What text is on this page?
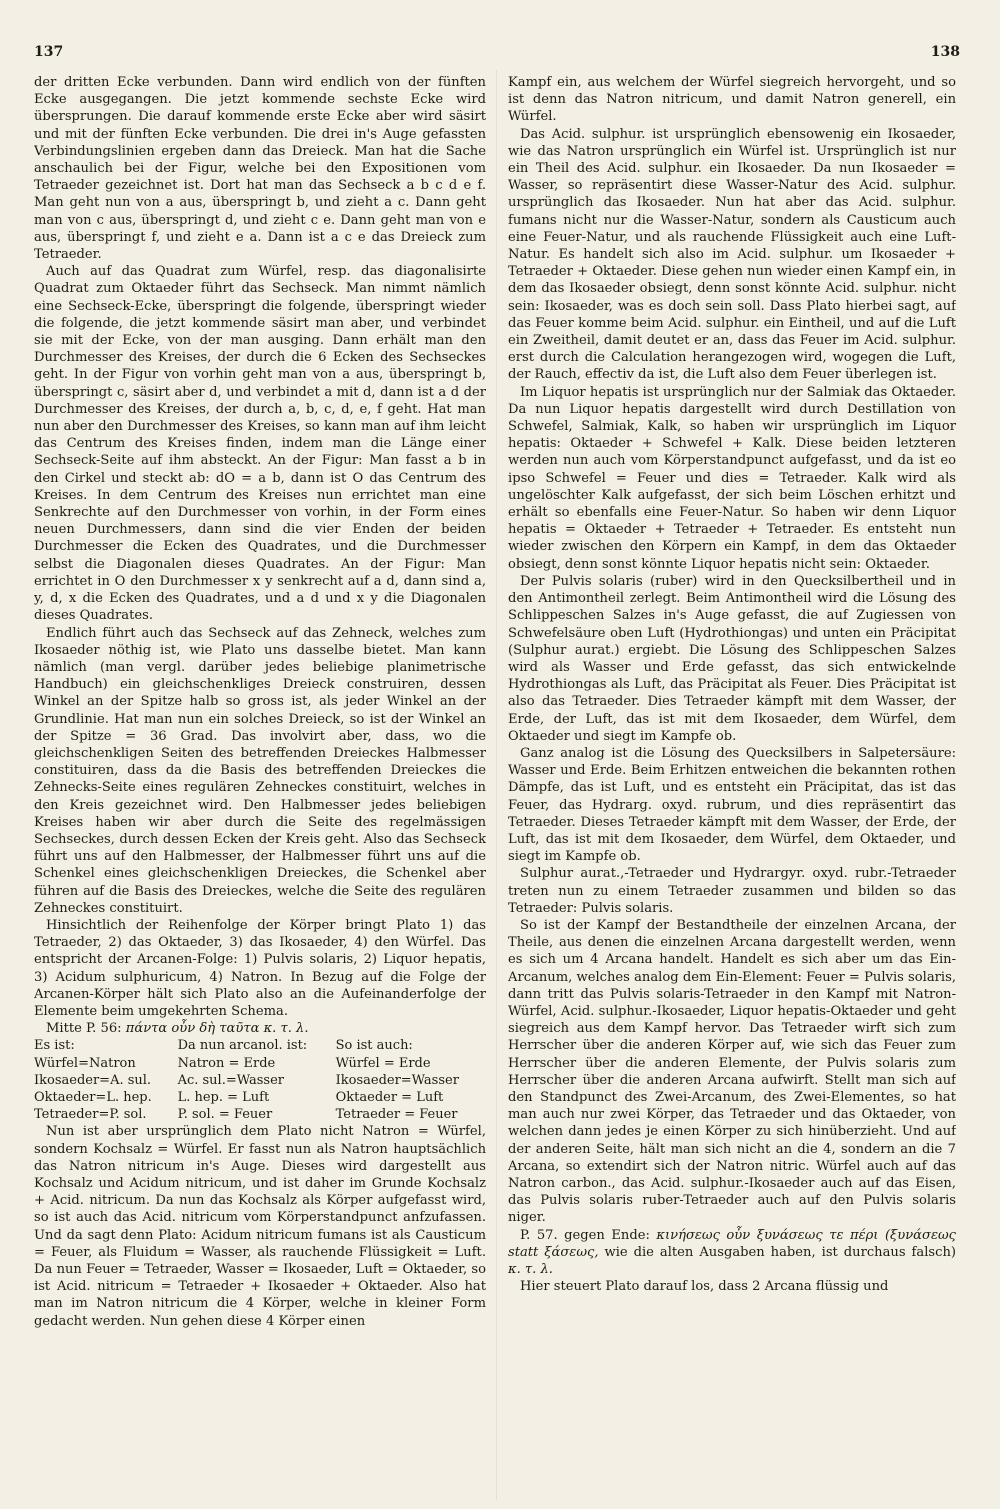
137	138

der dritten Ecke verbunden. Dann wird endlich von der fünften Ecke ausgegangen. Die jetzt kommende sechste Ecke wird übersprungen. Die darauf kommende erste Ecke aber wird säsirt und mit der fünften Ecke verbunden. Die drei in's Auge gefassten Verbindungslinien ergeben dann das Dreieck. Man hat die Sache anschaulich bei der Figur, welche bei den Expositionen vom Tetraeder gezeichnet ist. Dort hat man das Sechseck a b c d e f. Man geht nun von a aus, überspringt b, und zieht a c. Dann geht man von c aus, überspringt d, und zieht c e. Dann geht man von e aus, überspringt f, und zieht e a. Dann ist a c e das Dreieck zum Tetraeder.

Auch auf das Quadrat zum Würfel, resp. das diagonalisirte Quadrat zum Oktaeder führt das Sechseck. Man nimmt nämlich eine Sechseck-Ecke, überspringt die folgende, überspringt wieder die folgende, die jetzt kommende säsirt man aber, und verbindet sie mit der Ecke, von der man ausging. Dann erhält man den Durchmesser des Kreises, der durch die 6 Ecken des Sechseckes geht. In der Figur von vorhin geht man von a aus, überspringt b, überspringt c, säsirt aber d, und verbindet a mit d, dann ist a d der Durchmesser des Kreises, der durch a, b, c, d, e, f geht. Hat man nun aber den Durchmesser des Kreises, so kann man auf ihm leicht das Centrum des Kreises finden, indem man die Länge einer Sechseck-Seite auf ihm absteckt. An der Figur: Man fasst a b in den Cirkel und steckt ab: dO = a b, dann ist O das Centrum des Kreises. In dem Centrum des Kreises nun errichtet man eine Senkrechte auf den Durchmesser von vorhin, in der Form eines neuen Durchmessers, dann sind die vier Enden der beiden Durchmesser die Ecken des Quadrates, und die Durchmesser selbst die Diagonalen dieses Quadrates. An der Figur: Man errichtet in O den Durchmesser x y senkrecht auf a d, dann sind a, y, d, x die Ecken des Quadrates, und a d und x y die Diagonalen dieses Quadrates.

Endlich führt auch das Sechseck auf das Zehneck, welches zum Ikosaeder nöthig ist, wie Plato uns dasselbe bietet. Man kann nämlich (man vergl. darüber jedes beliebige planimetrische Handbuch) ein gleichschenkliges Dreieck construiren, dessen Winkel an der Spitze halb so gross ist, als jeder Winkel an der Grundlinie. Hat man nun ein solches Dreieck, so ist der Winkel an der Spitze = 36 Grad. Das involvirt aber, dass, wo die gleichschenkligen Seiten des betreffenden Dreieckes Halbmesser constituiren, dass da die Basis des betreffenden Dreieckes die Zehnecks-Seite eines regulären Zehneckes constituirt, welches in den Kreis gezeichnet wird. Den Halbmesser jedes beliebigen Kreises haben wir aber durch die Seite des regelmässigen Sechseckes, durch dessen Ecken der Kreis geht. Also das Sechseck führt uns auf den Halbmesser, der Halbmesser führt uns auf die Schenkel eines gleichschenkligen Dreieckes, die Schenkel aber führen auf die Basis des Dreieckes, welche die Seite des regulären Zehneckes constituirt.

Hinsichtlich der Reihenfolge der Körper bringt Plato 1) das Tetraeder, 2) das Oktaeder, 3) das Ikosaeder, 4) den Würfel. Das entspricht der Arcanen-Folge: 1) Pulvis solaris, 2) Liquor hepatis, 3) Acidum sulphuricum, 4) Natron. In Bezug auf die Folge der Arcanen-Körper hält sich Plato also an die Aufeinanderfolge der Elemente beim umgekehrten Schema.

Mitte P. 56: πάντα οὖν δὴ ταῦτα κ. τ. λ.

Es ist:	Da nun arcanol. ist:	So ist auch:
Würfel=Natron	Natron = Erde	Würfel = Erde
Ikosaeder=A. sul.	Ac. sul.=Wasser	Ikosaeder=Wasser
Oktaeder=L. hep.	L. hep. = Luft	Oktaeder = Luft
Tetraeder=P. sol.	P. sol. = Feuer	Tetraeder = Feuer

Nun ist aber ursprünglich dem Plato nicht Natron = Würfel, sondern Kochsalz = Würfel. Er fasst nun als Natron hauptsächlich das Natron nitricum in's Auge. Dieses wird dargestellt aus Kochsalz und Acidum nitricum, und ist daher im Grunde Kochsalz + Acid. nitricum. Da nun das Kochsalz als Körper aufgefasst wird, so ist auch das Acid. nitricum vom Körperstandpunct anfzufassen. Und da sagt denn Plato: Acidum nitricum fumans ist als Causticum = Feuer, als Fluidum = Wasser, als rauchende Flüssigkeit = Luft. Da nun Feuer = Tetraeder, Wasser = Ikosaeder, Luft = Oktaeder, so ist Acid. nitricum = Tetraeder + Ikosaeder + Oktaeder. Also hat man im Natron nitricum die 4 Körper, welche in kleiner Form gedacht werden. Nun gehen diese 4 Körper einen

Kampf ein, aus welchem der Würfel siegreich hervorgeht, und so ist denn das Natron nitricum, und damit Natron generell, ein Würfel.

Das Acid. sulphur. ist ursprünglich ebensowenig ein Ikosaeder, wie das Natron ursprünglich ein Würfel ist. Ursprünglich ist nur ein Theil des Acid. sulphur. ein Ikosaeder. Da nun Ikosaeder = Wasser, so repräsentirt diese Wasser-Natur des Acid. sulphur. ursprünglich das Ikosaeder. Nun hat aber das Acid. sulphur. fumans nicht nur die Wasser-Natur, sondern als Causticum auch eine Feuer-Natur, und als rauchende Flüssigkeit auch eine Luft-Natur. Es handelt sich also im Acid. sulphur. um Ikosaeder + Tetraeder + Oktaeder. Diese gehen nun wieder einen Kampf ein, in dem das Ikosaeder obsiegt, denn sonst könnte Acid. sulphur. nicht sein: Ikosaeder, was es doch sein soll. Dass Plato hierbei sagt, auf das Feuer komme beim Acid. sulphur. ein Eintheil, und auf die Luft ein Zweitheil, damit deutet er an, dass das Feuer im Acid. sulphur. erst durch die Calculation herangezogen wird, wogegen die Luft, der Rauch, effectiv da ist, die Luft also dem Feuer überlegen ist.

Im Liquor hepatis ist ursprünglich nur der Salmiak das Oktaeder. Da nun Liquor hepatis dargestellt wird durch Destillation von Schwefel, Salmiak, Kalk, so haben wir ursprünglich im Liquor hepatis: Oktaeder + Schwefel + Kalk. Diese beiden letzteren werden nun auch vom Körperstandpunct aufgefasst, und da ist eo ipso Schwefel = Feuer und dies = Tetraeder. Kalk wird als ungelöschter Kalk aufgefasst, der sich beim Löschen erhitzt und erhält so ebenfalls eine Feuer-Natur. So haben wir denn Liquor hepatis = Oktaeder + Tetraeder + Tetraeder. Es entsteht nun wieder zwischen den Körpern ein Kampf, in dem das Oktaeder obsiegt, denn sonst könnte Liquor hepatis nicht sein: Oktaeder.

Der Pulvis solaris (ruber) wird in den Quecksilbertheil und in den Antimontheil zerlegt. Beim Antimontheil wird die Lösung des Schlippeschen Salzes in's Auge gefasst, die auf Zugiessen von Schwefelsäure oben Luft (Hydrothiongas) und unten ein Präcipitat (Sulphur aurat.) ergiebt. Die Lösung des Schlippeschen Salzes wird als Wasser und Erde gefasst, das sich entwickelnde Hydrothiongas als Luft, das Präcipitat als Feuer. Dies Präcipitat ist also das Tetraeder. Dies Tetraeder kämpft mit dem Wasser, der Erde, der Luft, das ist mit dem Ikosaeder, dem Würfel, dem Oktaeder und siegt im Kampfe ob.

Ganz analog ist die Lösung des Quecksilbers in Salpetersäure: Wasser und Erde. Beim Erhitzen entweichen die bekannten rothen Dämpfe, das ist Luft, und es entsteht ein Präcipitat, das ist das Feuer, das Hydrarg. oxyd. rubrum, und dies repräsentirt das Tetraeder. Dieses Tetraeder kämpft mit dem Wasser, der Erde, der Luft, das ist mit dem Ikosaeder, dem Würfel, dem Oktaeder, und siegt im Kampfe ob.

Sulphur aurat.,-Tetraeder und Hydrargyr. oxyd. rubr.-Tetraeder treten nun zu einem Tetraeder zusammen und bilden so das Tetraeder: Pulvis solaris.

So ist der Kampf der Bestandtheile der einzelnen Arcana, der Theile, aus denen die einzelnen Arcana dargestellt werden, wenn es sich um 4 Arcana handelt. Handelt es sich aber um das Ein-Arcanum, welches analog dem Ein-Element: Feuer = Pulvis solaris, dann tritt das Pulvis solaris-Tetraeder in den Kampf mit Natron-Würfel, Acid. sulphur.-Ikosaeder, Liquor hepatis-Oktaeder und geht siegreich aus dem Kampf hervor. Das Tetraeder wirft sich zum Herrscher über die anderen Körper auf, wie sich das Feuer zum Herrscher über die anderen Elemente, der Pulvis solaris zum Herrscher über die anderen Arcana aufwirft. Stellt man sich auf den Standpunct des Zwei-Arcanum, des Zwei-Elementes, so hat man auch nur zwei Körper, das Tetraeder und das Oktaeder, von welchen dann jedes je einen Körper zu sich hinüberzieht. Und auf der anderen Seite, hält man sich nicht an die 4, sondern an die 7 Arcana, so extendirt sich der Natron nitric. Würfel auch auf das Natron carbon., das Acid. sulphur.-Ikosaeder auch auf das Eisen, das Pulvis solaris ruber-Tetraeder auch auf den Pulvis solaris niger.

P. 57. gegen Ende: κινήσεως οὖν ξυνάσεως τε πέρι (ξυνάσεως statt ξάσεως, wie die alten Ausgaben haben, ist durchaus falsch) κ. τ. λ.

Hier steuert Plato darauf los, dass 2 Arcana flüssig und
